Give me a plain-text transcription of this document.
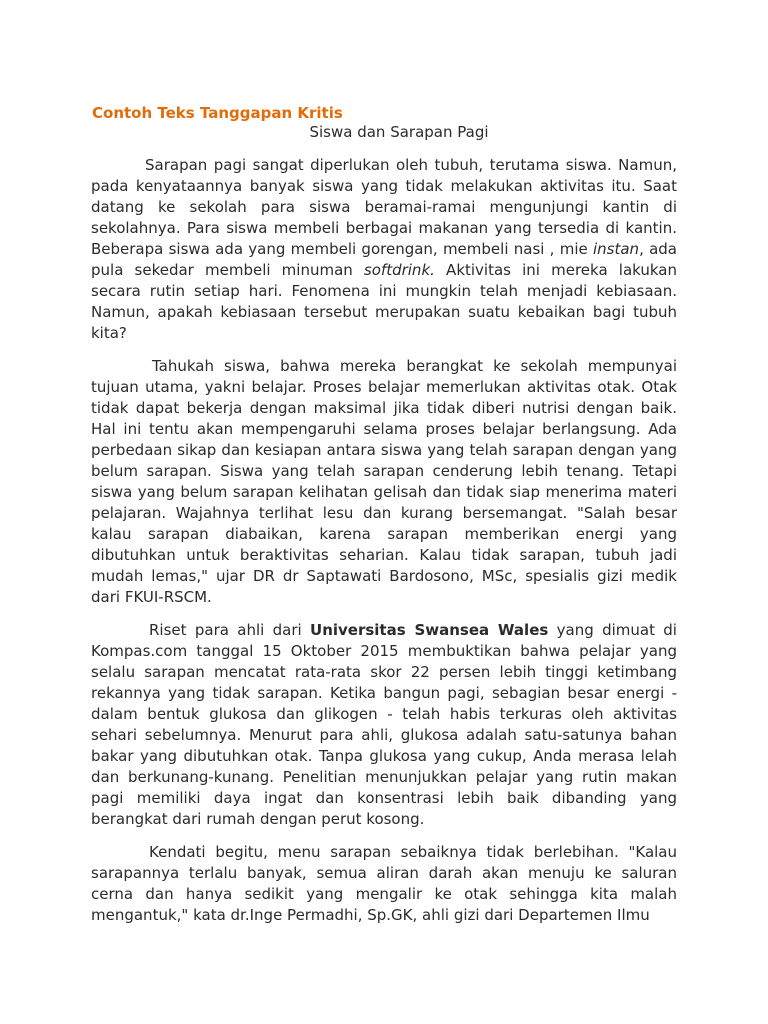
Contoh Teks Tanggapan Kritis
Siswa dan Sarapan Pagi

Sarapan pagi sangat diperlukan oleh tubuh, terutama siswa. Namun, pada kenyataannya banyak siswa yang tidak melakukan aktivitas itu. Saat datang ke sekolah para siswa beramai-ramai mengunjungi kantin di sekolahnya. Para siswa membeli berbagai makanan yang tersedia di kantin. Beberapa siswa ada yang membeli gorengan, membeli nasi , mie instan, ada pula sekedar membeli minuman softdrink. Aktivitas ini mereka lakukan secara rutin setiap hari. Fenomena ini mungkin telah menjadi kebiasaan. Namun, apakah kebiasaan tersebut merupakan suatu kebaikan bagi tubuh kita?

Tahukah siswa, bahwa mereka berangkat ke sekolah mempunyai tujuan utama, yakni belajar. Proses belajar memerlukan aktivitas otak. Otak tidak dapat bekerja dengan maksimal jika tidak diberi nutrisi dengan baik. Hal ini tentu akan mempengaruhi selama proses belajar berlangsung. Ada perbedaan sikap dan kesiapan antara siswa yang telah sarapan dengan yang belum sarapan. Siswa yang telah sarapan cenderung lebih tenang. Tetapi siswa yang belum sarapan kelihatan gelisah dan tidak siap menerima materi pelajaran. Wajahnya terlihat lesu dan kurang bersemangat. "Salah besar kalau sarapan diabaikan, karena sarapan memberikan energi yang dibutuhkan untuk beraktivitas seharian. Kalau tidak sarapan, tubuh jadi mudah lemas," ujar DR dr Saptawati Bardosono, MSc, spesialis gizi medik dari FKUI-RSCM.

Riset para ahli dari Universitas Swansea Wales yang dimuat di Kompas.com tanggal 15 Oktober 2015 membuktikan bahwa pelajar yang selalu sarapan mencatat rata-rata skor 22 persen lebih tinggi ketimbang rekannya yang tidak sarapan. Ketika bangun pagi, sebagian besar energi - dalam bentuk glukosa dan glikogen - telah habis terkuras oleh aktivitas sehari sebelumnya. Menurut para ahli, glukosa adalah satu-satunya bahan bakar yang dibutuhkan otak. Tanpa glukosa yang cukup, Anda merasa lelah dan berkunang-kunang. Penelitian menunjukkan pelajar yang rutin makan pagi memiliki daya ingat dan konsentrasi lebih baik dibanding yang berangkat dari rumah dengan perut kosong.

Kendati begitu, menu sarapan sebaiknya tidak berlebihan. "Kalau sarapannya terlalu banyak, semua aliran darah akan menuju ke saluran cerna dan hanya sedikit yang mengalir ke otak sehingga kita malah mengantuk," kata dr.Inge Permadhi, Sp.GK, ahli gizi dari Departemen Ilmu
